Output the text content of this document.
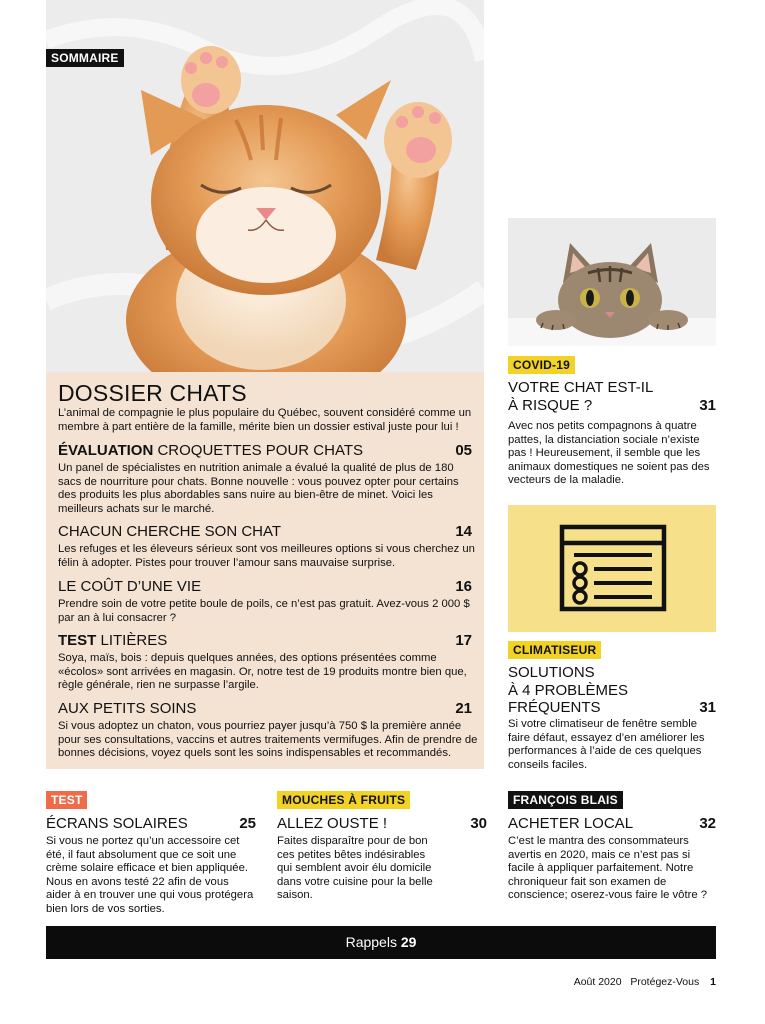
SOMMAIRE
DOSSIER CHATS
L’animal de compagnie le plus populaire du Québec, souvent considéré comme un membre à part entière de la famille, mérite bien un dossier estival juste pour lui !
ÉVALUATION CROQUETTES POUR CHATS	05
Un panel de spécialistes en nutrition animale a évalué la qualité de plus de 180 sacs de nourriture pour chats. Bonne nouvelle : vous pouvez opter pour certains des produits les plus abordables sans nuire au bien-être de minet. Voici les meilleurs achats sur le marché.
CHACUN CHERCHE SON CHAT	14
Les refuges et les éleveurs sérieux sont vos meilleures options si vous cherchez un félin à adopter. Pistes pour trouver l’amour sans mauvaise surprise.
LE COÛT D’UNE VIE	16
Prendre soin de votre petite boule de poils, ce n’est pas gratuit. Avez-vous 2 000 $ par an à lui consacrer ?
TEST LITIÈRES	17
Soya, maïs, bois : depuis quelques années, des options présentées comme «écolos» sont arrivées en magasin. Or, notre test de 19 produits montre bien que, règle générale, rien ne surpasse l’argile.
AUX PETITS SOINS	21
Si vous adoptez un chaton, vous pourriez payer jusqu’à 750 $ la première année pour ses consultations, vaccins et autres traitements vermifuges. Afin de prendre de bonnes décisions, voyez quels sont les soins indispensables et recommandés.
COVID-19
VOTRE CHAT EST-IL
À RISQUE ?	31
Avec nos petits compagnons à quatre pattes, la distanciation sociale n’existe pas ! Heureusement, il semble que les animaux domestiques ne soient pas des vecteurs de la maladie.
CLIMATISEUR
SOLUTIONS
À 4 PROBLÈMES
FRÉQUENTS	31
Si votre climatiseur de fenêtre semble faire défaut, essayez d’en améliorer les performances à l’aide de ces quelques conseils faciles.
TEST
ÉCRANS SOLAIRES	25
Si vous ne portez qu’un accessoire cet été, il faut absolument que ce soit une crème solaire efficace et bien appliquée. Nous en avons testé 22 afin de vous aider à en trouver une qui vous protégera bien lors de vos sorties.
MOUCHES À FRUITS
ALLEZ OUSTE !	30
Faites disparaître pour de bon ces petites bêtes indésirables qui semblent avoir élu domicile dans votre cuisine pour la belle saison.
FRANÇOIS BLAIS
ACHETER LOCAL	32
C’est le mantra des consommateurs avertis en 2020, mais ce n’est pas si facile à appliquer parfaitement. Notre chroniqueur fait son examen de conscience; oserez-vous faire le vôtre ?
Rappels 29
Août 2020 Protégez-Vous 1
